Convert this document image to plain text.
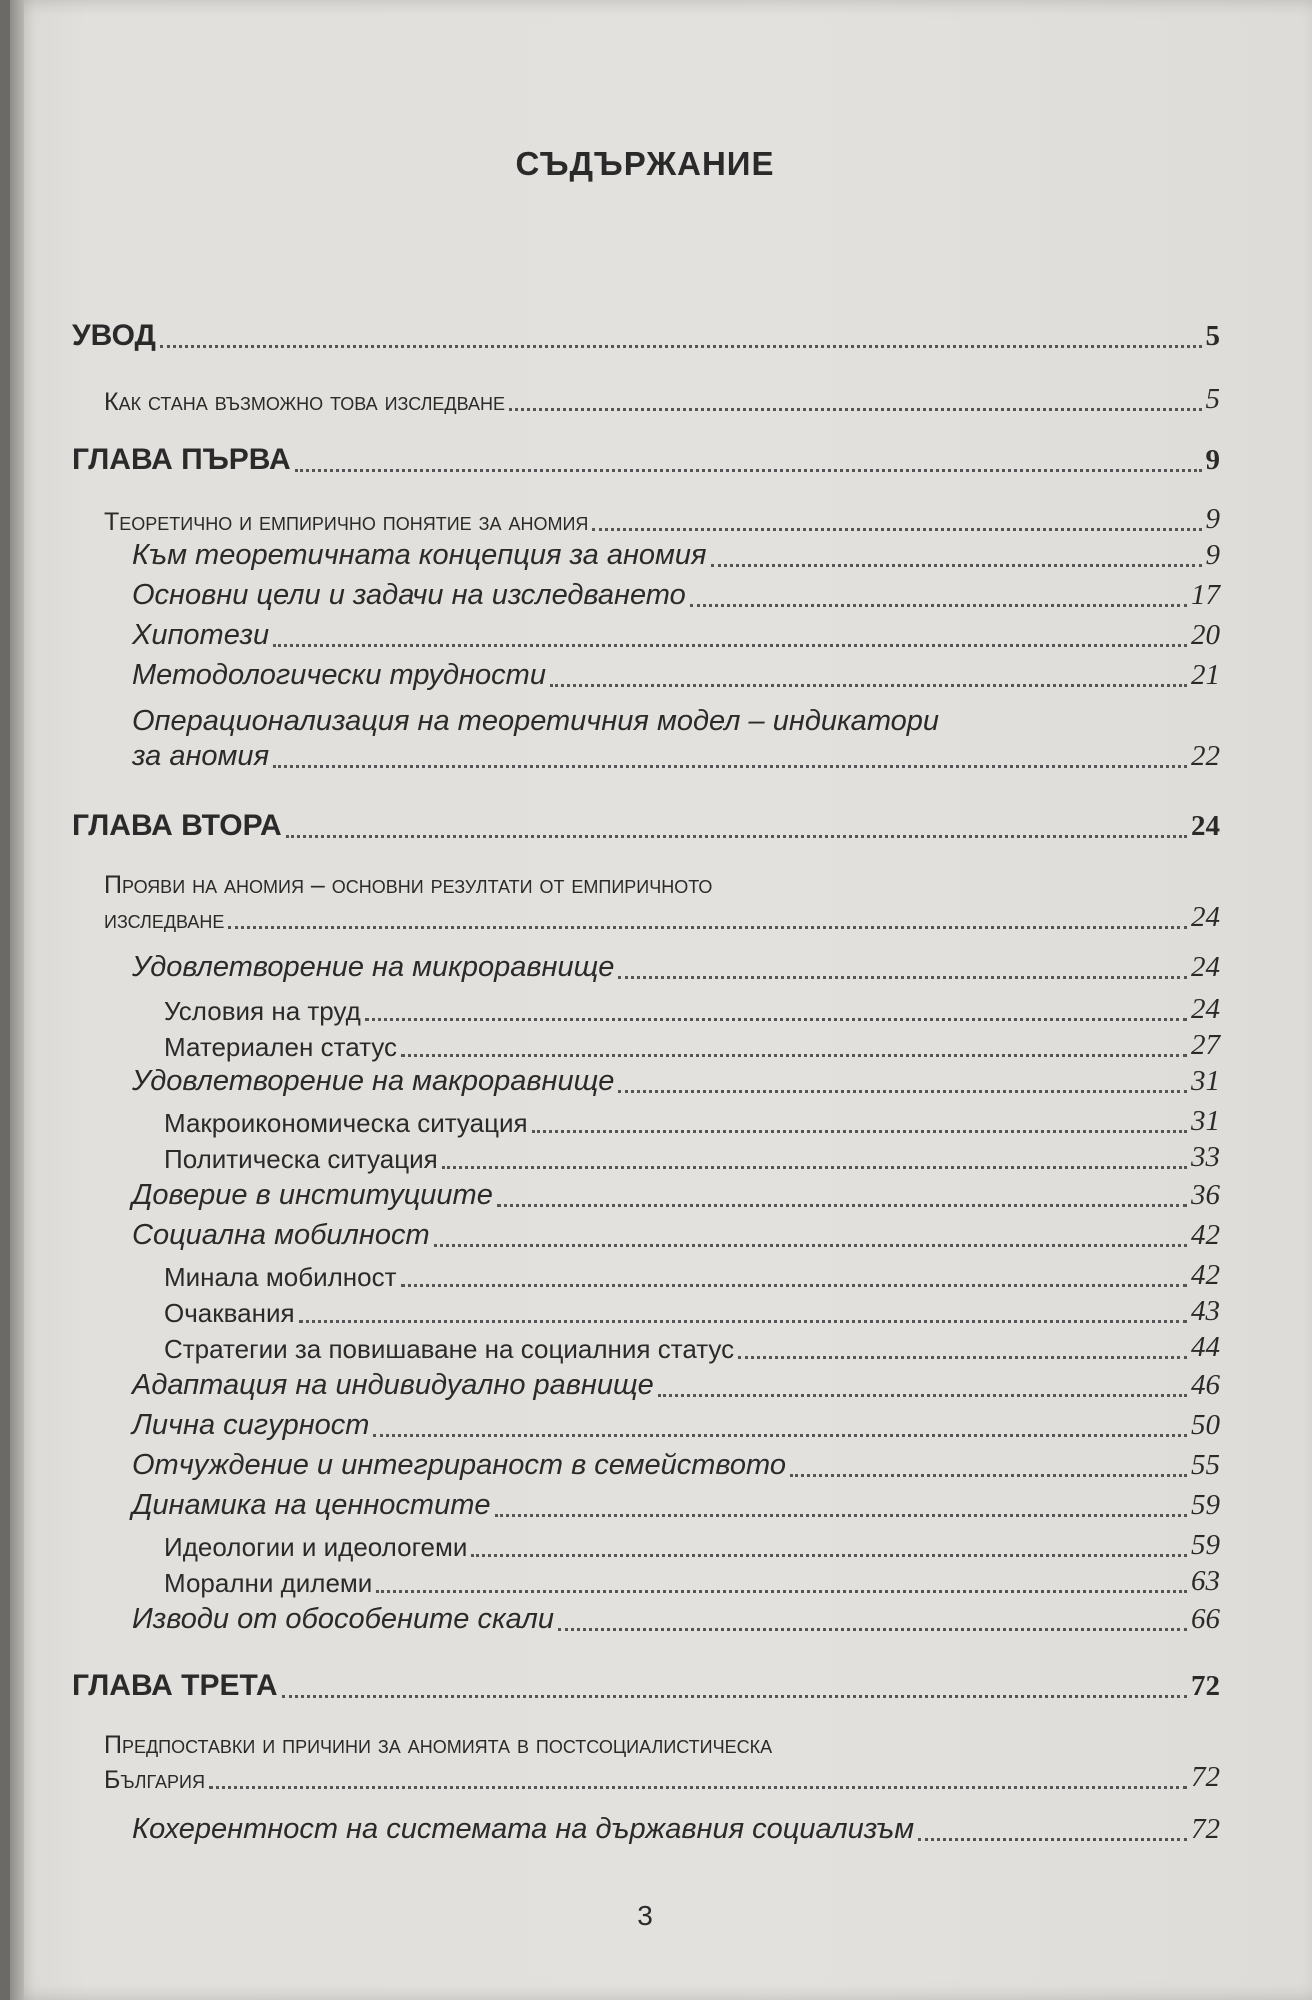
СЪДЪРЖАНИЕ
УВОД	5
Как стана възможно това изследване	5
ГЛАВА ПЪРВА	9
Теоретично и емпирично понятие за аномия	9
Към теоретичната концепция за аномия	9
Основни цели и задачи на изследването	17
Хипотези	20
Методологически трудности	21
Операционализация на теоретичния модел – индикатори
за аномия	22
ГЛАВА ВТОРА	24
Прояви на аномия – основни резултати от емпиричното
изследване	24
Удовлетворение на микроравнище	24
Условия на труд	24
Материален статус	27
Удовлетворение на макроравнище	31
Макроикономическа ситуация	31
Политическа ситуация	33
Доверие в институциите	36
Социална мобилност	42
Минала мобилност	42
Очаквания	43
Стратегии за повишаване на социалния статус	44
Адаптация на индивидуално равнище	46
Лична сигурност	50
Отчуждение и интегрираност в семейството	55
Динамика на ценностите	59
Идеологии и идеологеми	59
Морални дилеми	63
Изводи от обособените скали	66
ГЛАВА ТРЕТА	72
Предпоставки и причини за аномията в постсоциалистическа
България	72
Кохерентност на системата на държавния социализъм	72
3
